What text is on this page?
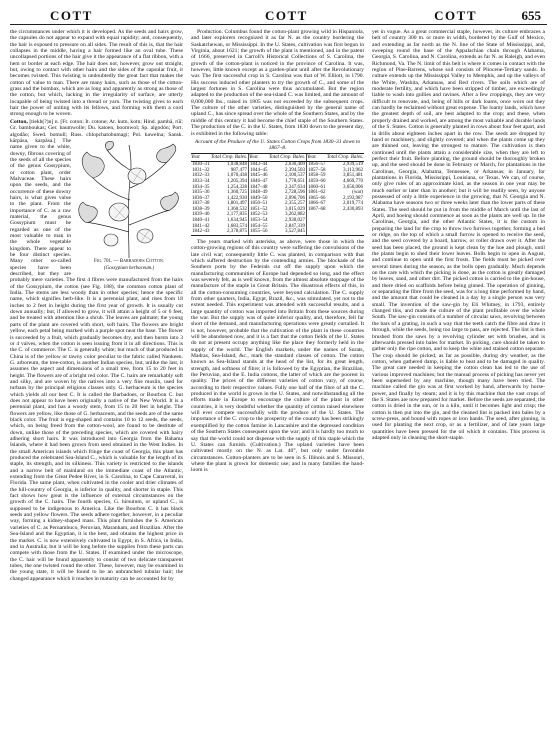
COTT	COTT	COTT	655

the circumstances under which it is developed. As the seeds and hairs grow, the capsules do not appear to expand with equal rapidity; and, consequently, the hair is exposed to pressure on all sides. The result of this is, that the hair collapses in the middle, having a hair formed like an oval tube. These uncollapsed portions of the hair give it the appearance of a flat ribbon, with a hem or border at each edge. The hair does not, however, grow out straight, but, owing to contact with other hairs and the sides of the capsular fruit, it becomes twisted. This twisting is undoubtedly the great fact that makes the cotton of value to man. There are many hairs, such as those of the cotton-grass and the bombax, which are as long and apparently as strong as those of the cotton, but which, lacking in the irregularity of surface, are utterly incapable of being twisted into a thread or yarn. The twisting gives to each hair the power of uniting with its fellows, and forming with them a cord strong enough to be woven.

Cotton, [tiekh(?)n] n. [Fr. coton; It. cotone; Ar. kutn, kotn; Hind. pambā, rūī; Gr. bamboukas; Ger. baumwolle; Du. katoen, boomwol; Sp. algodón; Port. algodão; Swed. bomull; Russ. chlopchatobumagi; Pol. bawelna; Sansk. kārpāsa, karpāsa.]
Fig. 701. — Barbadoes Cotton.
(Gossypium herbaceum.)
The name given to the white, downy, fibrous covering of the seeds of all the species of the genus Gossypium, or cotton plant, order Malvaceae. These hairs upon the seeds, and the occurrence of these downy hairs, is what gives value to the plant. From the importance of C. as a raw material, the genus Gossypium must be regarded as one of the most valuable to man in the whole vegetable kingdom. There appear to be four distinct species. Many other so-called species have been described, but they are probably mere varieties. The first 4 fibres were manufactured from the hairs of the Gossypium, the cotton (see Fig. 188), the common cotton plant of India. The stems are less woody than in other species; hence the specific name, which signifies herb-like. It is a perennial plant, and rises from 18 inches to 2 feet in height during the first year of growth. It is usually cut down annually; but, if allowed to grow, it will attain a height of 5 or 6 feet, and be treated with attention like a shrub. The leaves are palmate; the young parts of the plant are covered with short, soft hairs. The flowers are bright yellow, each petal being marked with a purple spot near the base. The flower is succeeded by a fruit, which gradually becomes dry, and then bursts into 3 or 4 valves, when the cotton is seen issuing from it in all directions. This is the C. of commerce. The C. is generally white; but much of that produced in China is of the yellow or tawny color peculiar to the fabric called Nankeen. G. arboreum, the tree-cotton, is another Indian species, but, unlike the last, it assumes the aspect and dimensions of a small tree, from 15 to 20 feet in height. The flowers are of a bright red color. The C. hairs are remarkably soft and silky, and are woven by the natives into a very fine muslin, used for turbans by the principal religious classes only. G. herbaceum is the species which yields all our best C. It is called the Barbadoes, or Bourbon C. but does not appear to have been originally a native of the New World. It is a perennial plant, and has a woody stem, from 15 to 20 feet in height. The flowers are yellow, like those of G. herbaceum, and the seeds are of the same black color. The fruit is egg-shaped and contains 10 to 12 seeds, the seeds, which, on being freed from the cotton-wool, are found to be destitute of down, unlike those of the preceding species, which are covered with hairy adhering short hairs. It was introduced into Georgia from the Bahama Islands, where it had been grown from seed obtained in the West Indies. In the small American islands which fringe the coast of Georgia, this plant has produced the celebrated Sea-Island C., which is valuable for the length of its staple, its strength, and its silkiness. This variety is restricted to the islands and a narrow belt of mainland on the immediate coast of the Atlantic, extending from the Great Pedee River, in S. Carolina, to Cape Canaveral, in Florida. The same plant, when cultivated in the cooler and drier climates of the hill-country of Georgia, is inferior in quality, and shorter in staple. This fact shows how great is the influence of external circumstances on the growth of the C. hairs. The fourth species, G. hirsutum, or upland C., is supposed to be indigenous to America. Like the Bourbon C. it has black seeds and yellow flowers. The seeds adhere together, however, in a peculiar way, forming a kidney-shaped mass. This plant furnishes the S. American varieties of C. as Pernambuco, Peruvian, Maranham, and Brazilian. After the Sea-Island and the Egyptian, it is the best, and obtains the highest price in the market. C. is now extensively cultivated in Egypt, in S. Africa, in India, and in Australia; but it will be long before the supplies from these parts can compete with those from the U. States. If examined under the microscope, the C. hair will be found apparently to consist of two delicate transparent tubes, the one twisted round the other. These, however, may be examined in the young state, it will be found to be an unbranched tubular hair; the changed appearance which it reaches in maturity can be accounted for by

Production. Columbus found the cotton-plant growing wild in Hispaniola, and later explorers recognized it as far N. as the country bordering the Saskatchewan, or Mississippi. In the U. States, cultivation was first begun in Virginia, about 1621; the growth of the plant is mentioned, and in the patent of 1666, preserved in Carroll's Historical Collections of S. Carolina, the growth of the cotton-plant is noticed in the province of Carolina. It was, however, little known except as a garden-plant until after the Revolutionary war. The first successful crop in S. Carolina was that of W. Elliott, in 1790. His success induced other planters to try the growth of C., and some of the largest fortunes in S. Carolina were thus accumulated. But the region adapted to the production of the sea-island C. was limited, and the amount of 8,000,000 lbs., raised in 1805 was not exceeded by the subsequent crops. The culture of the other varieties, distinguished by the general name of upland C., has since spread over the whole of the Southern States, and by the middle of this century it had become the chief staple of the Southern States. The production of the C. in the U. States, from 1830 down to the present day, is exhibited in the following table:

Account of the Produce of the U. States Cotton Crops from 1830–31 down to 1867–8.
Year.	Total Crop. Bales.	Year.	Total Crop. Bales.	Year.	Total Crop. Bales.
1830–31	1,038,848	1843–44	2,030,409	1856–57	2,939,519
1831–32	987,477	1844–45	2,394,503	1857–58	3,113,962
1832–33	1,070,438	1845–46	2,100,537	1858–59	3,851,481
1833–34	1,205,394	1846–47	1,778,651	1859–60	4,669,770
1834–35	1,254,328	1847–48	2,347,634	1860–61	3,656,006
1835–36	1,360,725	1848–49	2,728,596	1861–62	(war)
1836–37	1,422,930	1849–50	2,096,706	1865–66	2,193,987
1837–38	1,801,497	1850–51	2,355,257	1866–67	2,019,774
1838–39	1,360,532	1851–52	3,015,029	1867–68	2,430,893
1839–40	2,177,835	1852–53	3,262,882		
1840–41	1,634,945	1853–54	2,930,027		
1841–42	1,683,574	1854–55	2,847,339		
1842–43	2,378,875	1855–56	3,527,845		

The years marked with asterisks, as above, were those in which the cotton-growing regions of this country were suffering the convulsions of the late civil war; consequently little C. was planted, in comparison with that which suffered destruction by the contending armies. The blockade of the Southern ports by the Federals cut off the supply upon which the manufacturing communities of Europe had depended so long, and the effect was severely felt, as is well known, from the almost absolute stoppage of the manufacture of the staple in Great Britain. The disastrous effects of this, in all the cotton-consuming countries, were beyond calculation. The C. supply from other quarters, India, Egypt, Brazil, &c., was stimulated, yet not to the extent needed. This experiment was attended with successful results, and a large quantity of cotton was imported into Britain from these sources during the war. But the supply was of quite inferior quality, and, therefore, fell far short of the demand, and manufacturing operations were greatly curtailed. It is not, however, probable that the cultivation of the plant in these countries will be abandoned now, and it is a fact that the cotton fields of the U. States do not at present occupy anything like the place they formerly held in the supply of the world. The English markets, under the names of Surats, Madras, Sea-Island, &c., mark the standard classes of cotton. The cotton known as Sea-Island stands at the head of the list, for its great length, strength, and softness of fibre; it is followed by the Egyptian, the Brazilian, the Peruvian, and the E. India cottons, the latter of which are the poorest in quality. The prices of the different varieties of cotton vary, of course, according to their respective values. Fully one half of the fibre of all the C. produced in the world is grown in the U. States, and notwithstanding all the efforts made in Europe to encourage the culture of the plant in other countries, it is very doubtful whether the quantity of cotton raised elsewhere will ever compete successfully with the produce of the U. States. The importance of the C. crop to the prosperity of the country has been strikingly exemplified by the cotton famine in Lancashire and the depressed condition of the Southern States consequent upon the war; and it is hardly too much to say that the world could not dispense with the supply of this staple which the U. States can furnish. (Cultivation.) The upland varieties have been cultivated mostly on the N. as Lat. 40°, but only under favorable circumstances. Cotton-planters are to be seen in S. Illinois and S. Missouri, where the plant is grown for domestic use; and in many families the hand-loom is

yet in vogue. As a great commercial staple, however, its culture embraces a belt of country 300 m. or more in width, bordered by the Gulf of Mexico, and extending as far north as the N. line of the State of Mississippi, and, sweeping round the base of the Appalachian chain through Alabama, Georgia, S. Carolina, and N. Carolina, extends as far N. as Raleigh, and even Richmond, Va. The N. limit of this belt is where it comes in contact with the region of Pine-Barrens, whose soil consists of Pliocene-Tertiary sands. In culture extends up the Mississippi Valley to Memphis, and up the valleys of the White, Washita, Arkansas, and Red rivers. The soils which are of moderate fertility, and which have been stripped of timber, are exceedingly liable to wash into gullies and ravines. After a few croppings, they are very difficult to renovate, and, being of hills or dark loams, once worn out they can hardly be reclaimed without great expense. The loamy lands, which have the greatest depth of soil, are best adapted to the crop; and these, when properly drained and worked, are among the most valuable and durable lands of the S. States. Cotton is generally planted in rows about four feet apart, and in drills about eighteen inches apart in the row. The seeds are dropped by hand or machinery, and slightly covered; and when the plants come up they are thinned out, leaving the strongest to mature. The cultivation is then continued until the plants attain a considerable size, when they are left to perfect their fruit. Before planting, the ground should be thoroughly broken up, and the seed should be done in February or March, for plantations in the Carolinas, Georgia, Alabama, Tennessee, or Arkansas; in January, for plantations in Florida, Mississippi, Louisiana, or Texas. We can, of course, only give rules of an approximate kind, as the season in one year may be much earlier or later than in another; but it will be readily seen, by anyone possessed of only a little experience in the growing, that N. Georgia and N. Alabama have seasons two or three weeks later than the lower parts of these States. The seed should be put in from the middle of March until the last of April, and hoeing should commence as soon as the plants are well up. In the Carolinas, Georgia, and the other Atlantic States, it is the custom in preparing the land for the crop to throw two furrows together, forming a bed or ridge, on the top of which a small furrow is opened to receive the seed, and the seed covered by a board, harrow, or roller drawn over it. After the seed has been placed, the ground is kept clean by the hoe and plough, until the plants begin to shed their lower leaves. Bolls begin to open in August, and continue to open until the first frosts. The fields must be picked over several times during the season, as the bolls open gradually. Much depends on the care with which the picking is done, as the cotton is greatly damaged by leaves, sand, and other dirt. The picked cotton is carried to the gin-house, and there dried on scaffolds before being ginned. The operation of ginning, or separating the fibre from the seed, was for a long time performed by hand, and the amount that could be cleaned in a day by a single person was very small. The invention of the saw-gin by Eli Whitney, in 1793, entirely changed this, and made the culture of the plant profitable over the whole South. The saw-gin consists of a number of circular saws, revolving between the bars of a grating, in such a way that the teeth catch the fibre and draw it through, while the seeds, being too large to pass, are rejected. The lint is then brushed from the saws by a revolving cylinder set with brushes, and is afterwards pressed into bales for market. In picking, care should be taken to gather only the ripe cotton, and to keep the white and stained cotton separate. The crop should be picked, as far as possible, during dry weather, as the cotton, when gathered damp, is liable to heat and to be damaged in quality. The great care needed in keeping the cotton clean has led to the use of various improved machines; but the manual process of picking has never yet been superseded by any machine, though many have been tried. The machine called the gin was at first worked by hand, afterwards by horse-power, and finally by steam; and it is by this machine that the vast crops of the S. States are now prepared for market. Before the seeds are separated, the cotton is dried in the sun, or in a kiln, until it becomes light and crisp; the cotton is then put into the gin, and the cleaned lint is packed into bales by a screw-press, and bound with ropes or iron bands. The seed, after ginning, is used for planting the next crop, or as a fertilizer, and of late years large quantities have been pressed for the oil which it contains. This process is adapted only in cleaning the short-staple.
